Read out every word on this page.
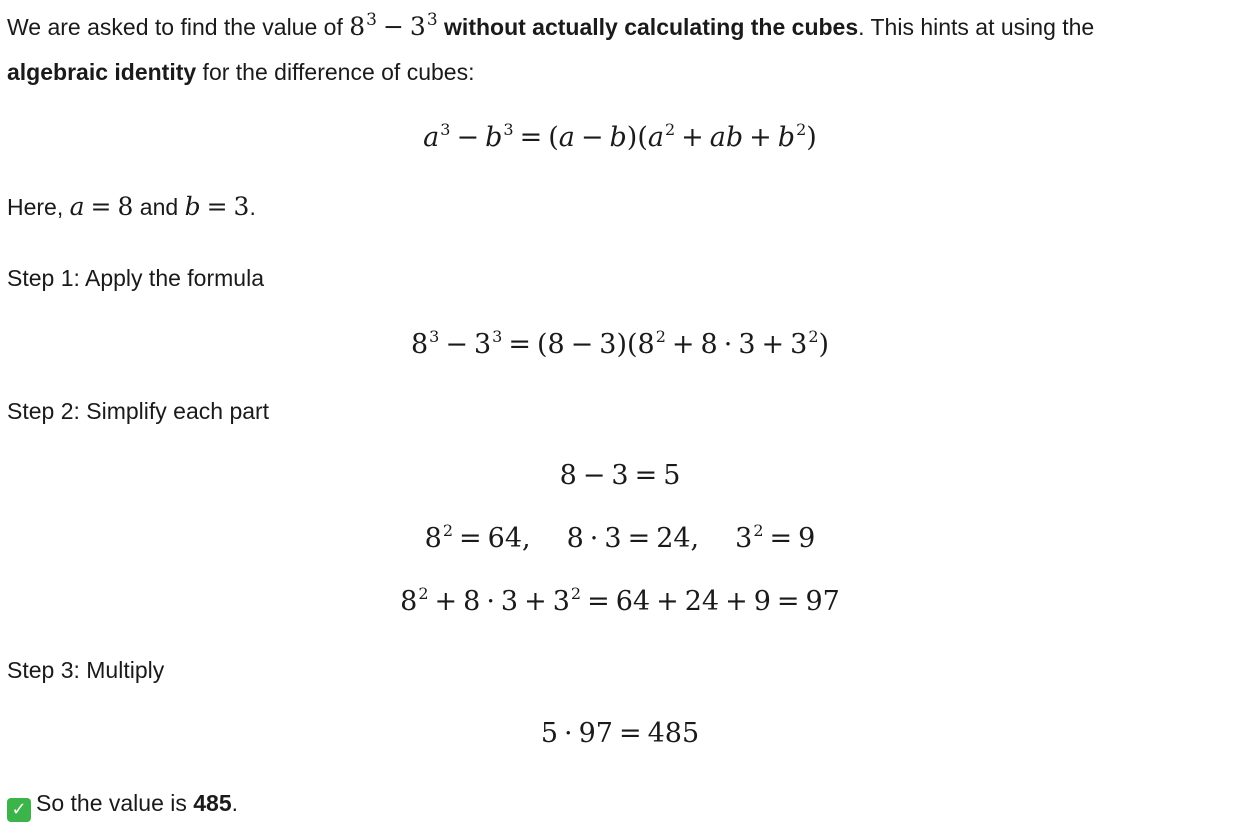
We are asked to find the value of $8^3 - 3^3$ without actually calculating the cubes. This hints at using the
algebraic identity for the difference of cubes:
$a^3 - b^3 = (a - b)(a^2$ + ab + $b^2$)
Here, a = 8 and b = 3.
Step 1: Apply the formula
$8^3 - 3^3 = (8 - 3)(8^2 + 8 \cdot 3 + 3^2)$
Step 2: Simplify each part
8 − 3 = 5
$8^2 = 64$, 8 · 3 = 24, $3^2 = 9$
$8^2 + 8 \cdot 3 + 3^2 = 64 + 24 + 9 = 97$
Step 3: Multiply
5 · 97 = 485
✓ So the value is 485.
